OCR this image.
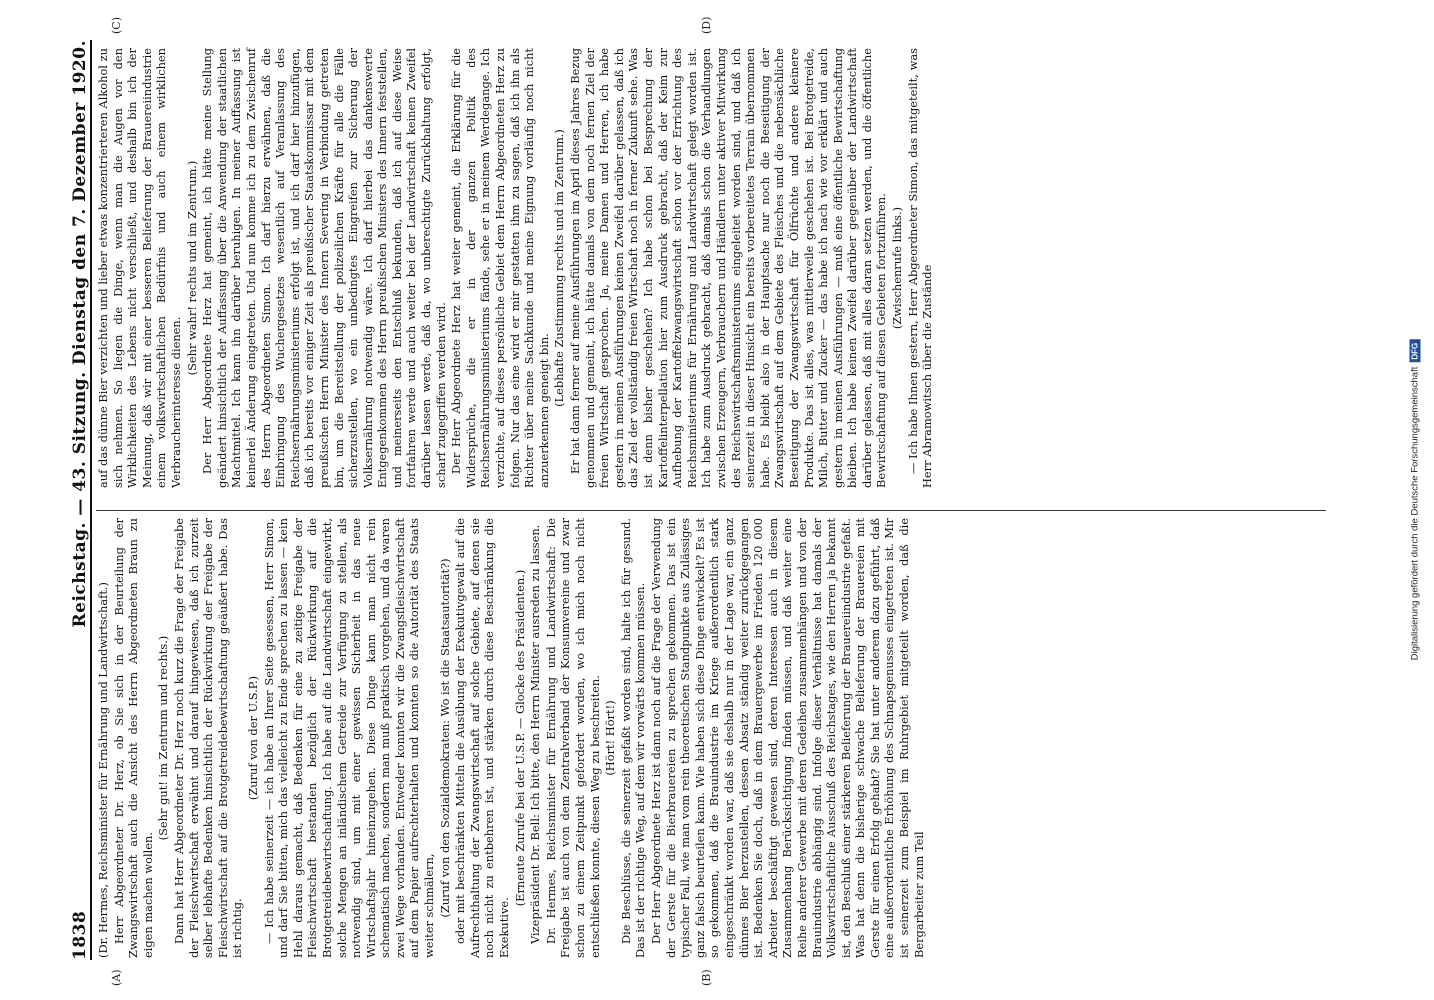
1838
Reichstag. — 43. Sitzung. Dienstag den 7. Dezember 1920.
(A)	(B)
(C)	(D)

(Dr. Hermes, Reichsminister für Ernährung und Landwirtschaft.) Herr Abgeordneter Dr. Herz, ob Sie sich in der Beurteilung der Zwangswirtschaft auch die Ansicht des Herrn Abgeordneten Braun zu eigen machen wollen.

(Sehr gut! im Zentrum und rechts.) Dann hat Herr Abgeordneter Dr. Herz noch kurz die Frage der Freigabe der Fleischwirtschaft erwähnt und darauf hingewiesen, daß ich zurzeit selber lebhafte Bedenken hinsichtlich der Rückwirkung der Freigabe der Fleischwirtschaft auf die Brotgetreidebewirtschaftung geäußert habe. Das ist richtig.

(Zuruf von der U.S.P.) — Ich habe seinerzeit — ich habe an Ihrer Seite gesessen, Herr Simon, und darf Sie bitten, mich das vielleicht zu Ende sprechen zu lassen — kein Hehl daraus gemacht, daß Bedenken für eine zu zeitige Freigabe der Fleischwirtschaft bestanden bezüglich der Rückwirkung auf die Brotgetreidebewirtschaftung. Ich habe auf die Landwirtschaft eingewirkt, solche Mengen an inländischem Getreide zur Verfügung zu stellen, als notwendig sind, um mit einer gewissen Sicherheit in das neue Wirtschaftsjahr hineinzugehen. Diese Dinge kann man nicht rein schematisch machen, sondern man muß praktisch vorgehen, und da waren zwei Wege vorhanden. Entweder konnten wir die Zwangsfleischwirtschaft auf dem Papier aufrechterhalten und konnten so die Autorität des Staats weiter schmälern, (Zuruf von den Sozialdemokraten: Wo ist die Staatsautorität?) oder mit beschränkten Mitteln die Ausübung der Exekutivgewalt auf die Aufrechthaltung der Zwangswirtschaft auf solche Gebiete, auf denen sie noch nicht zu entbehren ist, und stärken durch diese Beschränkung die Exekutive.

(Erneute Zurufe bei der U.S.P. — Glocke des Präsidenten.) Vizepräsident Dr. Bell: Ich bitte, den Herrn Minister ausreden zu lassen. Dr. Hermes, Reichsminister für Ernährung und Landwirtschaft: Die Freigabe ist auch von dem Zentralverband der Konsumvereine und zwar schon zu einem Zeitpunkt gefordert worden, wo ich mich noch nicht entschließen konnte, diesen Weg zu beschreiten. (Hört! Hört!) Die Beschlüsse, die seinerzeit gefaßt worden sind, halte ich für gesund. Das ist der richtige Weg, auf dem wir vorwärts kommen müssen. Der Herr Abgeordnete Herz ist dann noch auf die Frage der Verwendung der Gerste für die Bierbrauereien zu sprechen gekommen. Das ist ein typischer Fall, wie man vom rein theoretischen Standpunkte aus Zulässiges ganz falsch beurteilen kann. Wie haben sich diese Dinge entwickelt? Es ist so gekommen, daß die Brauindustrie im Kriege außerordentlich stark eingeschränkt worden war, daß sie deshalb nur in der Lage war, ein ganz dünnes Bier herzustellen, dessen Absatz ständig weiter zurückgegangen ist. Bedenken Sie doch, daß in dem Brauergewerbe im Frieden 120 000 Arbeiter beschäftigt gewesen sind, deren Interessen auch in diesem Zusammenhang Berücksichtigung finden müssen, und daß weiter eine Reihe anderer Gewerbe mit deren Gedeihen zusammenhängen und von der Brauindustrie abhängig sind. Infolge dieser Verhältnisse hat damals der Volkswirtschaftliche Ausschuß des Reichstages, wie den Herren ja bekannt ist, den Beschluß einer stärkeren Belieferung der Brauereiindustrie gefaßt. Was hat denn die bisherige schwache Belieferung der Brauereien mit Gerste für einen Erfolg gehabt? Sie hat unter anderem dazu geführt, daß eine außerordentliche Erhöhung des Schnapsgenusses eingetreten ist. Mir ist seinerzeit zum Beispiel im Ruhrgebiet mitgeteilt worden, daß die Bergarbeiter zum Teil

auf das dünne Bier verzichten und lieber etwas konzentrierteren Alkohol zu sich nehmen. So liegen die Dinge, wenn man die Augen vor den Wirklichkeiten des Lebens nicht verschließt, und deshalb bin ich der Meinung, daß wir mit einer besseren Belieferung der Brauereiindustrie einem volkswirtschaftlichen Bedürfnis und auch einem wirklichen Verbraucherinteresse dienen.

(Sehr wahr! rechts und im Zentrum.) Der Herr Abgeordnete Herz hat gemeint, ich hätte meine Stellung geändert hinsichtlich der Auffassung über die Anwendung der staatlichen Machtmittel. Ich kann ihn darüber beruhigen. In meiner Auffassung ist keinerlei Änderung eingetreten. Und nun komme ich zu dem Zwischenruf des Herrn Abgeordneten Simon. Ich darf hierzu erwähnen, daß die Einbringung des Wuchergesetzes wesentlich auf Veranlassung des Reichsernährungsministeriums erfolgt ist, und ich darf hier hinzufügen, daß ich bereits vor einiger Zeit als preußischer Staatskommissar mit dem preußischen Herrn Minister des Innern Severing in Verbindung getreten bin, um die Bereitstellung der polizeilichen Kräfte für alle die Fälle sicherzustellen, wo ein unbedingtes Eingreifen zur Sicherung der Volksernährung notwendig wäre. Ich darf hierbei das dankenswerte Entgegenkommen des Herrn preußischen Ministers des Innern feststellen, und meinerseits den Entschluß bekunden, daß ich auf diese Weise fortfahren werde und auch weiter bei der Landwirtschaft keinen Zweifel darüber lassen werde, daß da, wo unberechtigte Zurückhaltung erfolgt, scharf zugegriffen werden wird. Der Herr Abgeordnete Herz hat weiter gemeint, die Erklärung für die Widersprüche, die er in der ganzen Politik des Reichsernährungsministeriums fände, sehe er in meinem Werdegange. Ich verzichte, auf dieses persönliche Gebiet dem Herrn Abgeordneten Herz zu folgen. Nur das eine wird er mir gestatten ihm zu sagen, daß ich ihn als Richter über meine Sachkunde und meine Eignung vorläufig noch nicht anzuerkennen geneigt bin.

(Lebhafte Zustimmung rechts und im Zentrum.) Er hat dann ferner auf meine Ausführungen im April dieses Jahres Bezug genommen und gemeint, ich hätte damals von dem noch fernen Ziel der freien Wirtschaft gesprochen. Ja, meine Damen und Herren, ich habe gestern in meinen Ausführungen keinen Zweifel darüber gelassen, daß ich das Ziel der vollständig freien Wirtschaft noch in ferner Zukunft sehe. Was ist denn bisher geschehen? Ich habe schon bei Besprechung der Kartoffelinterpellation hier zum Ausdruck gebracht, daß der Keim zur Aufhebung der Kartoffelzwangswirtschaft schon vor der Errichtung des Reichsministeriums für Ernährung und Landwirtschaft gelegt worden ist. Ich habe zum Ausdruck gebracht, daß damals schon die Verhandlungen zwischen Erzeugern, Verbrauchern und Händlern unter aktiver Mitwirkung des Reichswirtschaftsministeriums eingeleitet worden sind, und daß ich seinerzeit in dieser Hinsicht ein bereits vorbereitetes Terrain übernommen habe. Es bleibt also in der Hauptsache nur noch die Beseitigung der Zwangswirtschaft auf dem Gebiete des Fleisches und die nebensächliche Beseitigung der Zwangswirtschaft für Ölfrüchte und andere kleinere Produkte. Das ist alles, was mittlerweile geschehen ist. Bei Brotgetreide, Milch, Butter und Zucker — das habe ich nach wie vor erklärt und auch gestern in meinen Ausführungen — muß eine öffentliche Bewirtschaftung bleiben. Ich habe keinen Zweifel darüber gegenüber der Landwirtschaft darüber gelassen, daß mit alles daran setzen werden, und die öffentliche Bewirtschaftung auf diesen Gebieten fortzuführen. (Zwischenrufe links.) — Ich habe Ihnen gestern, Herr Abgeordneter Simon, das mitgeteilt, was Herr Abramowitsch über die Zustände	Digitalisierung gefördert durch die Deutsche Forschungsgemeinschaft
DFG
